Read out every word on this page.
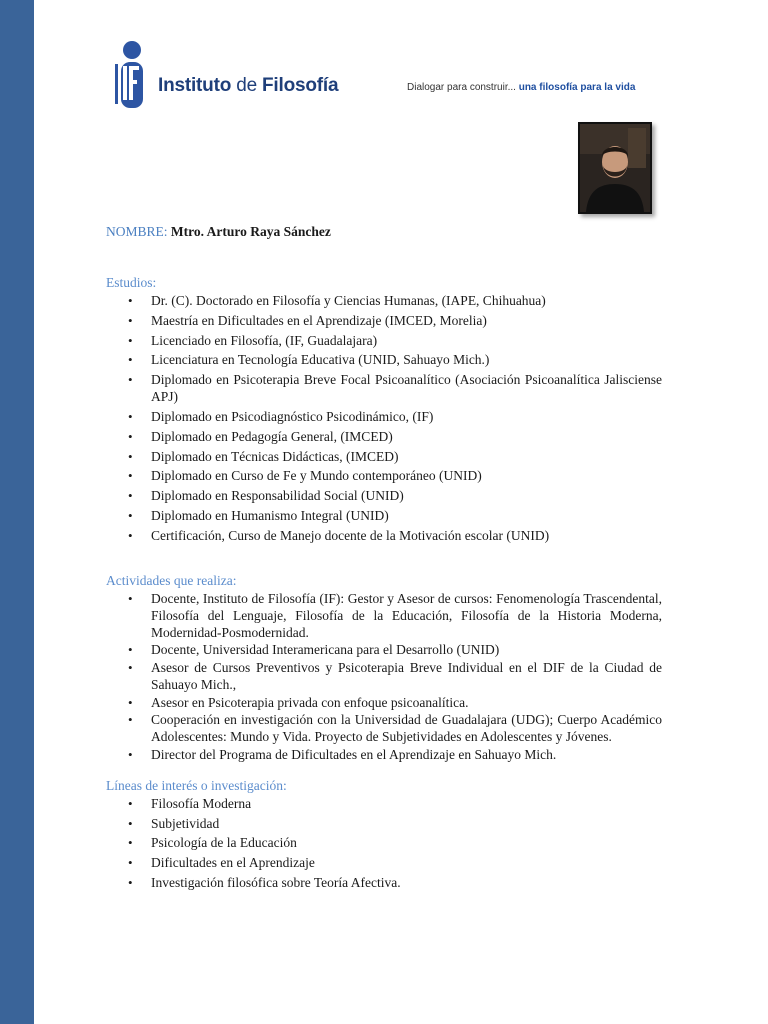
Instituto de Filosofía	Dialogar para construir... una filosofía para la vida
NOMBRE: Mtro. Arturo Raya Sánchez

Estudios:

• Dr. (C). Doctorado en Filosofía y Ciencias Humanas, (IAPE, Chihuahua)
• Maestría en Dificultades en el Aprendizaje (IMCED, Morelia)
• Licenciado en Filosofía, (IF, Guadalajara)
• Licenciatura en Tecnología Educativa (UNID, Sahuayo Mich.)
• Diplomado en Psicoterapia Breve Focal Psicoanalítico (Asociación Psicoanalítica Jalisciense APJ)
• Diplomado en Psicodiagnóstico Psicodinámico, (IF)
• Diplomado en Pedagogía General, (IMCED)
• Diplomado en Técnicas Didácticas, (IMCED)
• Diplomado en Curso de Fe y Mundo contemporáneo (UNID)
• Diplomado en Responsabilidad Social (UNID)
• Diplomado en Humanismo Integral (UNID)
• Certificación, Curso de Manejo docente de la Motivación escolar (UNID)

Actividades que realiza:

• Docente, Instituto de Filosofía (IF): Gestor y Asesor de cursos: Fenomenología Trascendental, Filosofía del Lenguaje, Filosofía de la Educación, Filosofía de la Historia Moderna, Modernidad-Posmodernidad.
• Docente, Universidad Interamericana para el Desarrollo (UNID)
• Asesor de Cursos Preventivos y Psicoterapia Breve Individual en el DIF de la Ciudad de Sahuayo Mich.,
• Asesor en Psicoterapia privada con enfoque psicoanalítica.
• Cooperación en investigación con la Universidad de Guadalajara (UDG); Cuerpo Académico Adolescentes: Mundo y Vida. Proyecto de Subjetividades en Adolescentes y Jóvenes.
• Director del Programa de Dificultades en el Aprendizaje en Sahuayo Mich.

Líneas de interés o investigación:

• Filosofía Moderna
• Subjetividad
• Psicología de la Educación
• Dificultades en el Aprendizaje
• Investigación filosófica sobre Teoría Afectiva.
